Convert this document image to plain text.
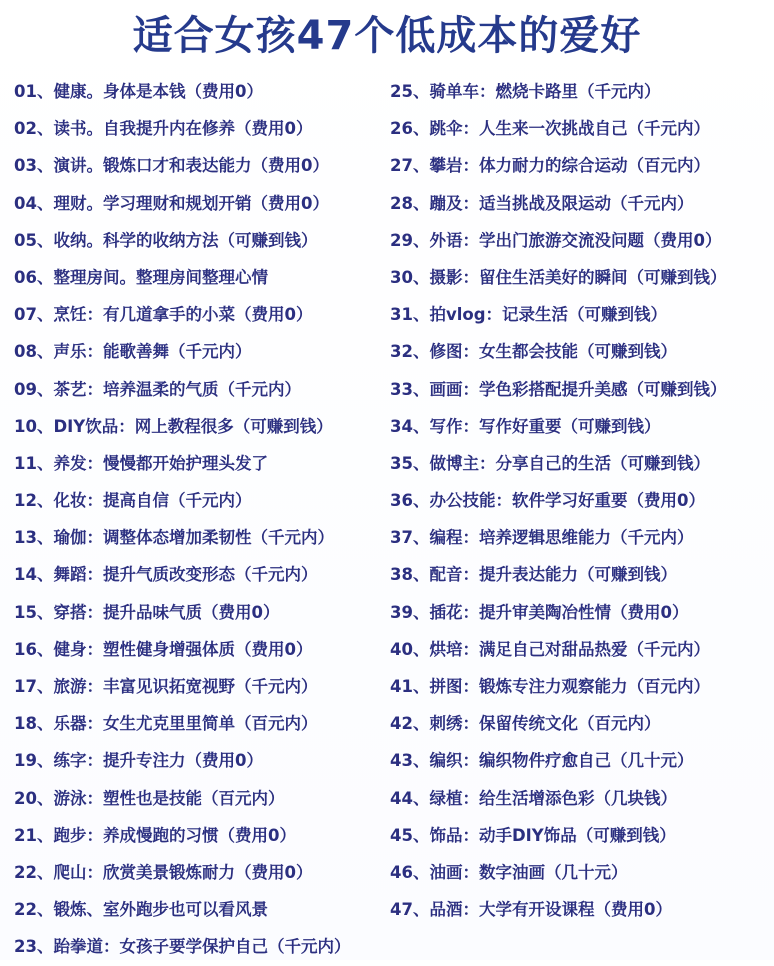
适合女孩47个低成本的爱好
01、健康。身体是本钱（费用0）
02、读书。自我提升内在修养（费用0）
03、演讲。锻炼口才和表达能力（费用0）
04、理财。学习理财和规划开销（费用0）
05、收纳。科学的收纳方法（可赚到钱）
06、整理房间。整理房间整理心情
07、烹饪：有几道拿手的小菜（费用0）
08、声乐：能歌善舞（千元内）
09、茶艺：培养温柔的气质（千元内）
10、DIY饮品：网上教程很多（可赚到钱）
11、养发：慢慢都开始护理头发了
12、化妆：提高自信（千元内）
13、瑜伽：调整体态增加柔韧性（千元内）
14、舞蹈：提升气质改变形态（千元内）
15、穿搭：提升品味气质（费用0）
16、健身：塑性健身增强体质（费用0）
17、旅游：丰富见识拓宽视野（千元内）
18、乐器：女生尤克里里简单（百元内）
19、练字：提升专注力（费用0）
20、游泳：塑性也是技能（百元内）
21、跑步：养成慢跑的习惯（费用0）
22、爬山：欣赏美景锻炼耐力（费用0）
22、锻炼、室外跑步也可以看风景
23、跆拳道：女孩子要学保护自己（千元内）
25、骑单车：燃烧卡路里（千元内）
26、跳伞：人生来一次挑战自己（千元内）
27、攀岩：体力耐力的综合运动（百元内）
28、蹦及：适当挑战及限运动（千元内）
29、外语：学出门旅游交流没问题（费用0）
30、摄影：留住生活美好的瞬间（可赚到钱）
31、拍vlog：记录生活（可赚到钱）
32、修图：女生都会技能（可赚到钱）
33、画画：学色彩搭配提升美感（可赚到钱）
34、写作：写作好重要（可赚到钱）
35、做博主：分享自己的生活（可赚到钱）
36、办公技能：软件学习好重要（费用0）
37、编程：培养逻辑思维能力（千元内）
38、配音：提升表达能力（可赚到钱）
39、插花：提升审美陶冶性情（费用0）
40、烘培：满足自己对甜品热爱（千元内）
41、拼图：锻炼专注力观察能力（百元内）
42、刺绣：保留传统文化（百元内）
43、编织：编织物件疗愈自己（几十元）
44、绿植：给生活增添色彩（几块钱）
45、饰品：动手DIY饰品（可赚到钱）
46、油画：数字油画（几十元）
47、品酒：大学有开设课程（费用0）
